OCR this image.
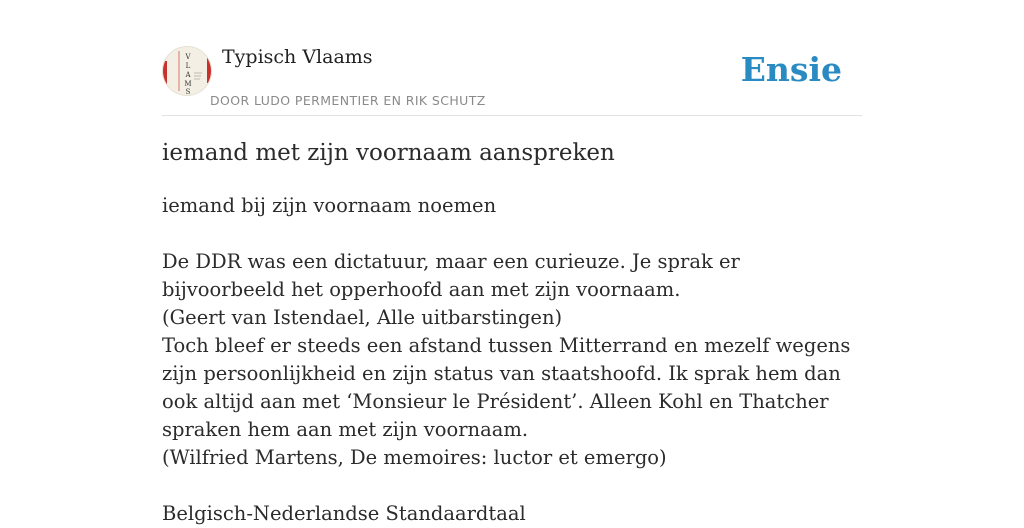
V
L
A
M
S
Typisch Vlaams
DOOR LUDO PERMENTIER EN RIK SCHUTZ
Ensie
iemand met zijn voornaam aanspreken

iemand bij zijn voornaam noemen

De DDR was een dictatuur, maar een curieuze. Je sprak er bijvoorbeeld het opperhoofd aan met zijn voornaam.

(Geert van Istendael, Alle uitbarstingen)

Toch bleef er steeds een afstand tussen Mitterrand en mezelf wegens zijn persoonlijkheid en zijn status van staatshoofd. Ik sprak hem dan ook altijd aan met ‘Monsieur le Président’. Alleen Kohl en Thatcher spraken hem aan met zijn voornaam.

(Wilfried Martens, De memoires: luctor et emergo)

Belgisch-Nederlandse Standaardtaal
